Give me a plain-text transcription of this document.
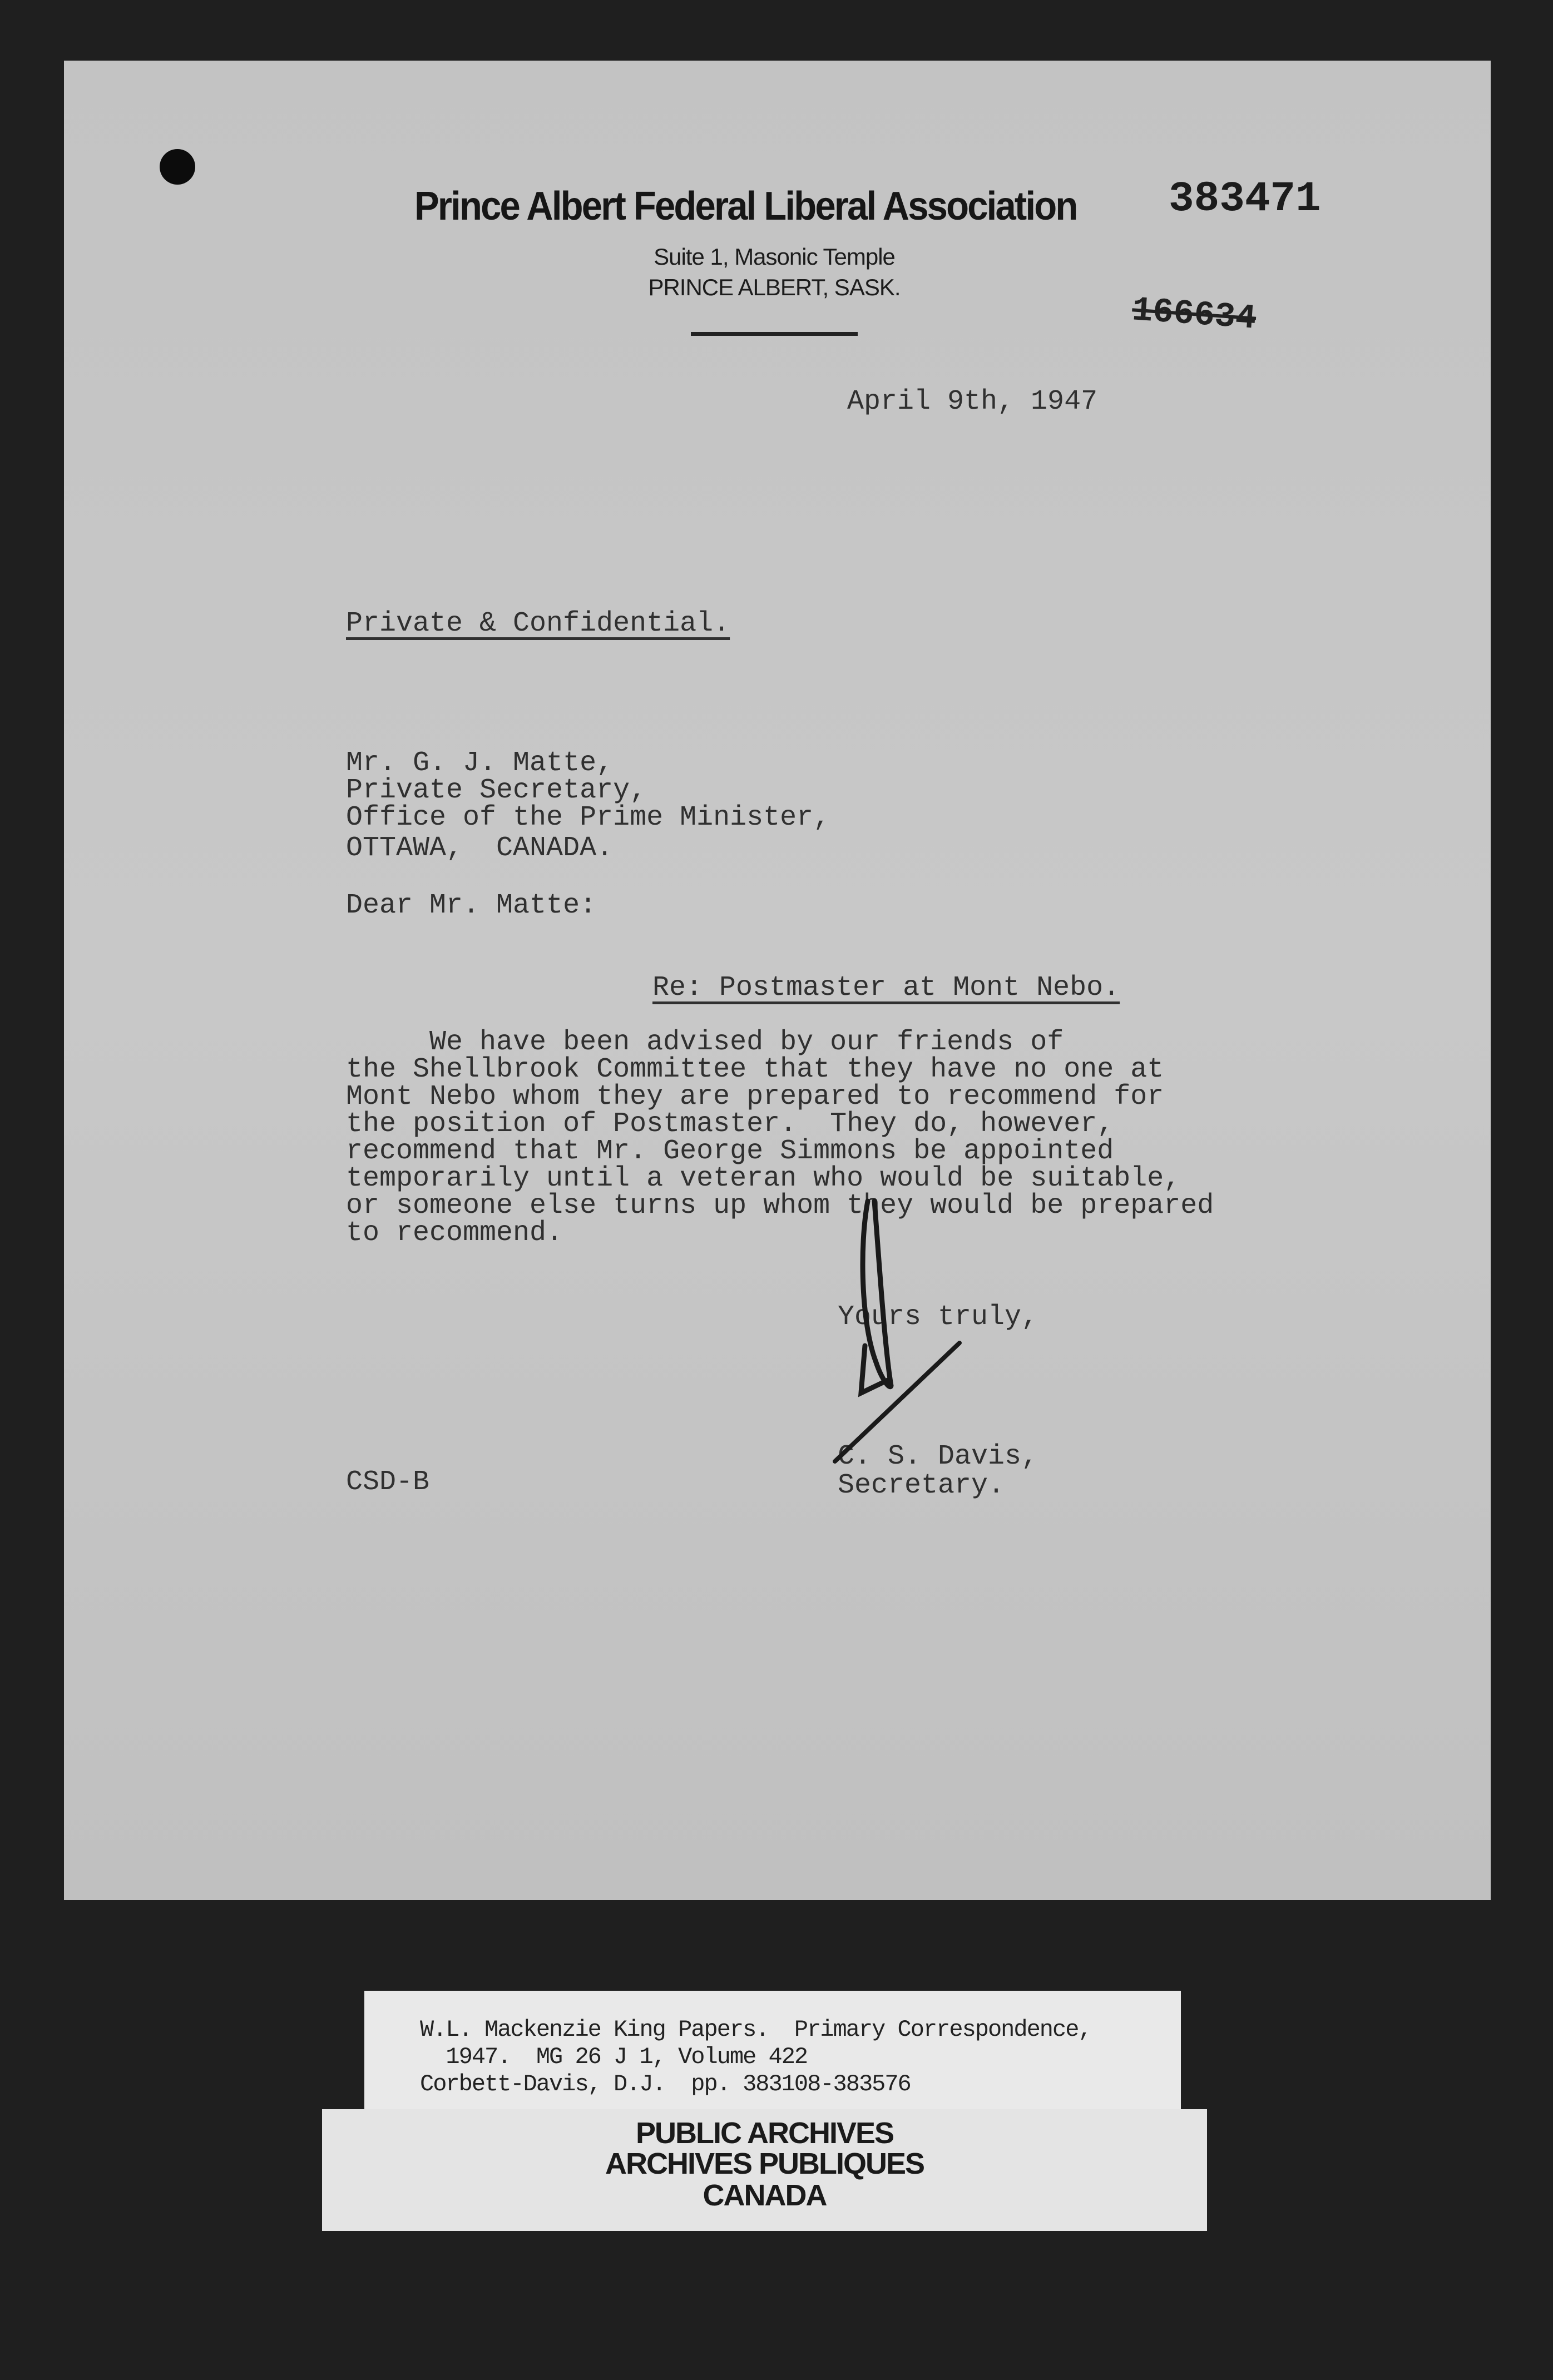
Prince Albert Federal Liberal Association 383471
Suite 1, Masonic Temple
PRINCE ALBERT, SASK.
166634
April 9th, 1947
Private & Confidential.
Mr. G. J. Matte,
Private Secretary,
Office of the Prime Minister,
OTTAWA,  CANADA.
Dear Mr. Matte:
Re: Postmaster at Mont Nebo.
We have been advised by our friends of
the Shellbrook Committee that they have no one at
Mont Nebo whom they are prepared to recommend for
the position of Postmaster.  They do, however,
recommend that Mr. George Simmons be appointed
temporarily until a veteran who would be suitable,
or someone else turns up whom they would be prepared
to recommend.
Yours truly,
C. S. Davis,
Secretary.
CSD-B
W.L. Mackenzie King Papers.  Primary Correspondence,
1947.  MG 26 J 1, Volume 422
Corbett-Davis, D.J.  pp. 383108-383576
PUBLIC ARCHIVES
ARCHIVES PUBLIQUES
CANADA
